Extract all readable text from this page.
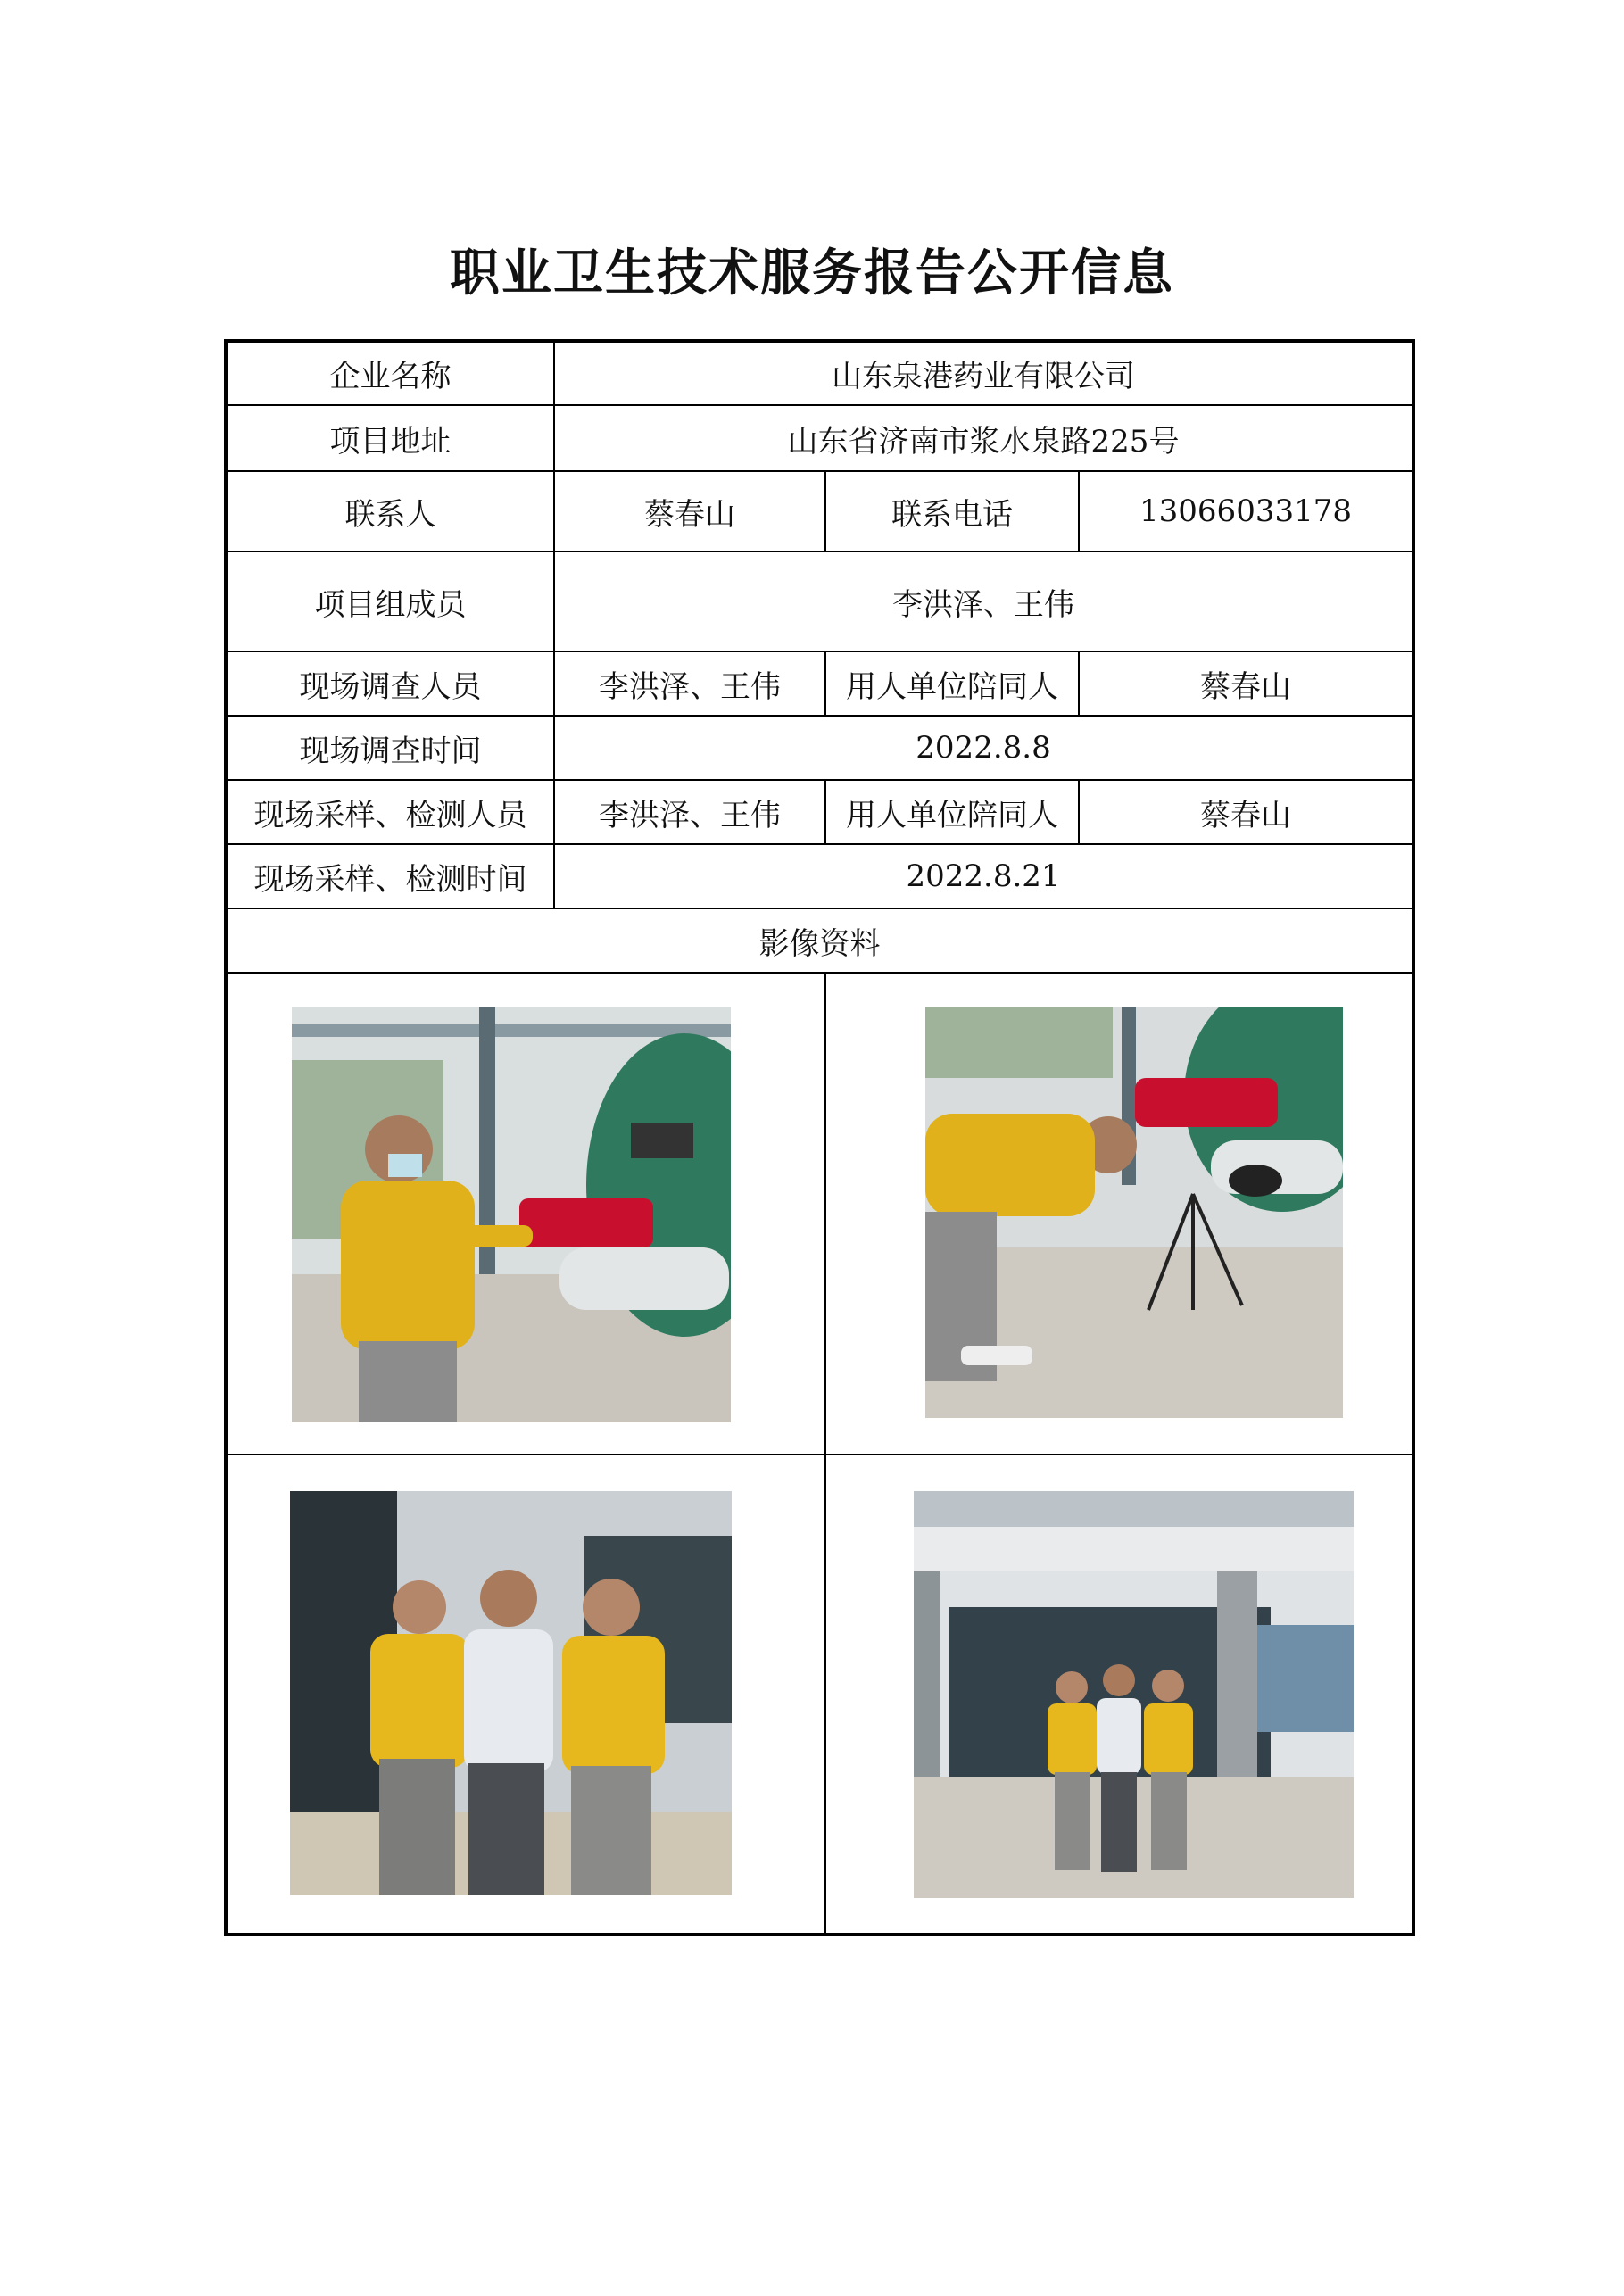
职业卫生技术服务报告公开信息
企业名称	山东泉港药业有限公司		
项目地址	山东省济南市浆水泉路225号		
联系人	蔡春山	联系电话	13066033178
项目组成员	李洪泽、王伟		
现场调查人员	李洪泽、王伟	用人单位陪同人	蔡春山
现场调查时间	2022.8.8		
现场采样、检测人员	李洪泽、王伟	用人单位陪同人	蔡春山
现场采样、检测时间	2022.8.21		
影像资料			
